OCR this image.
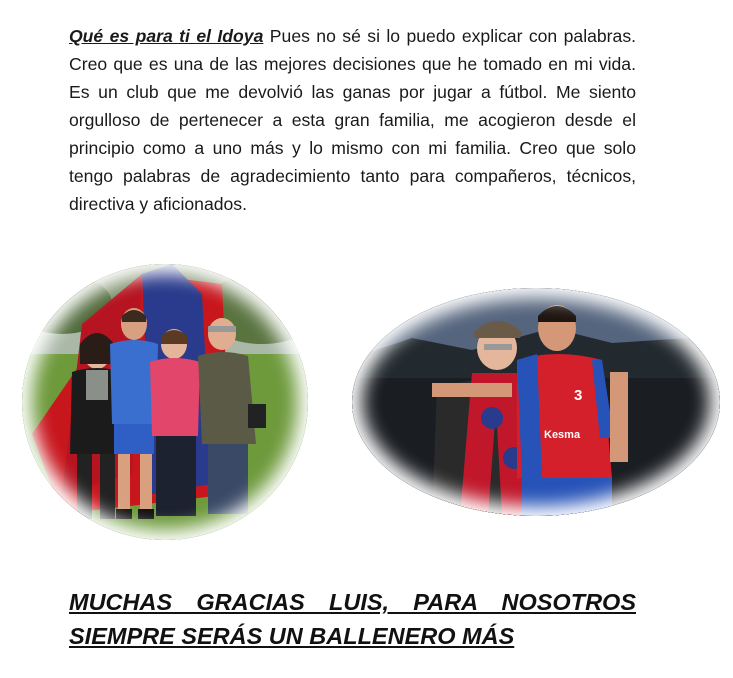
Qué es para ti el Idoya Pues no sé si lo puedo explicar con palabras. Creo que es una de las mejores decisiones que he tomado en mi vida. Es un club que me devolvió las ganas por jugar a fútbol. Me siento orgulloso de pertenecer a esta gran familia, me acogieron desde el principio como a uno más y lo mismo con mi familia. Creo que solo tengo palabras de agradecimiento tanto para compañeros, técnicos, directiva y aficionados.

3
Kesma

MUCHAS GRACIAS LUIS, PARA NOSOTROS SIEMPRE SERÁS UN BALLENERO MÁS
